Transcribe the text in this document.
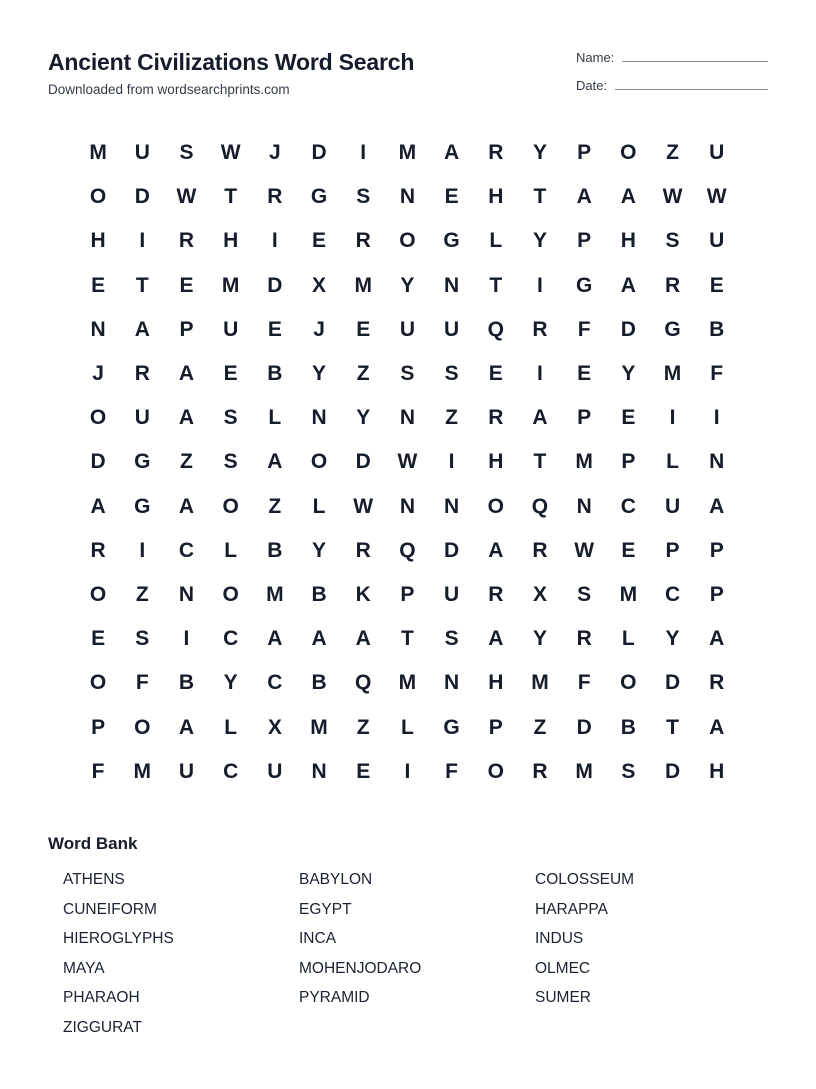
Ancient Civilizations Word Search
Downloaded from wordsearchprints.com
Name:
Date:
M	U	S	W	J	D	I	M	A	R	Y	P	O	Z	U
O	D	W	T	R	G	S	N	E	H	T	A	A	W	W
H	I	R	H	I	E	R	O	G	L	Y	P	H	S	U
E	T	E	M	D	X	M	Y	N	T	I	G	A	R	E
N	A	P	U	E	J	E	U	U	Q	R	F	D	G	B
J	R	A	E	B	Y	Z	S	S	E	I	E	Y	M	F
O	U	A	S	L	N	Y	N	Z	R	A	P	E	I	I
D	G	Z	S	A	O	D	W	I	H	T	M	P	L	N
A	G	A	O	Z	L	W	N	N	O	Q	N	C	U	A
R	I	C	L	B	Y	R	Q	D	A	R	W	E	P	P
O	Z	N	O	M	B	K	P	U	R	X	S	M	C	P
E	S	I	C	A	A	A	T	S	A	Y	R	L	Y	A
O	F	B	Y	C	B	Q	M	N	H	M	F	O	D	R
P	O	A	L	X	M	Z	L	G	P	Z	D	B	T	A
F	M	U	C	U	N	E	I	F	O	R	M	S	D	H
Word Bank
ATHENS	BABYLON	COLOSSEUM
CUNEIFORM	EGYPT	HARAPPA
HIEROGLYPHS	INCA	INDUS
MAYA	MOHENJODARO	OLMEC
PHARAOH	PYRAMID	SUMER
ZIGGURAT
